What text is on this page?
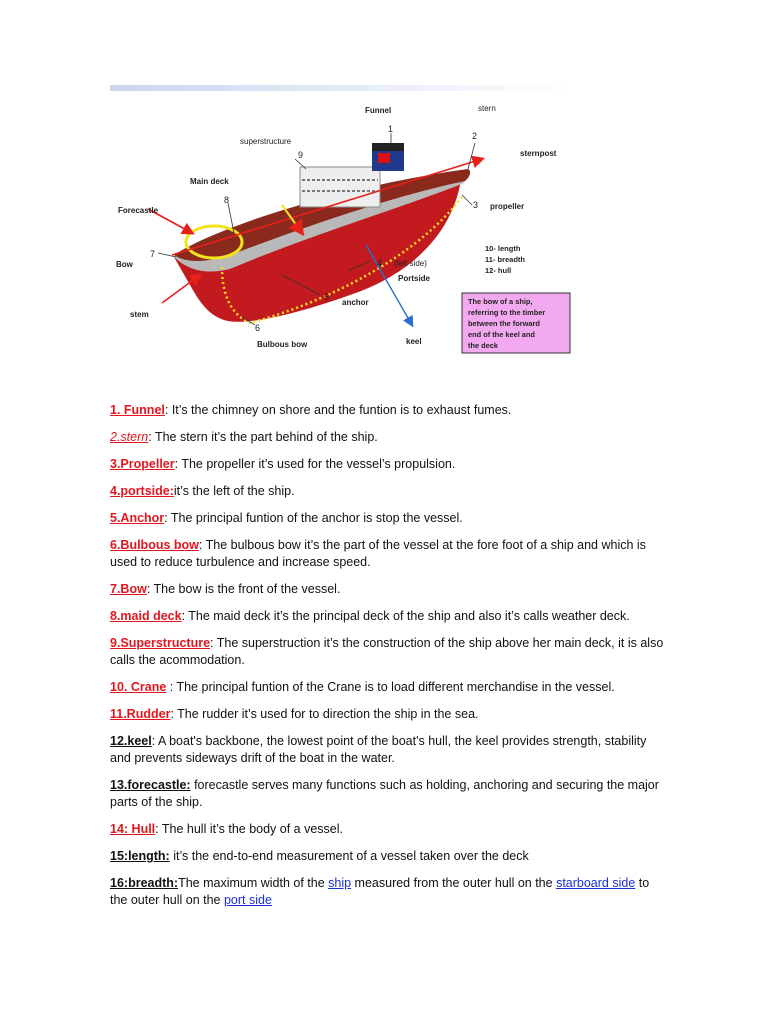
Funnel	stern
superstructure
sternpost
Main deck
Forecastle	propeller
Bow	(left side)
Portside
anchor
stem
keel
Bulbous bow
1
2
3
4
5
6
7
8
9
10- length
11- breadth
12- hull
The bow of a ship,
referring to the timber
between the forward
end of the keel and
the deck
1. Funnel: It’s the chimney on shore and the funtion is to exhaust fumes.
2.stern: The stern it’s the part behind of the ship.
3.Propeller: The propeller it’s used for the vessel’s propulsion.
4.portside:it’s the left of the ship.
5.Anchor: The principal funtion of the anchor is stop the vessel.
6.Bulbous bow: The bulbous bow it’s the part of the vessel at the fore foot of a ship and which is used to reduce turbulence and increase speed.
7.Bow: The bow is the front of the vessel.
8.maid deck: The maid deck it’s the principal deck of the ship and also it’s calls weather deck.
9.Superstructure: The superstruction it’s the construction of the ship above her main deck, it is also calls the acommodation.
10. Crane : The principal funtion of the Crane is to load different merchandise in the vessel.
11.Rudder: The rudder it’s used for to direction the ship in the sea.
12.keel: A boat's backbone, the lowest point of the boat's hull, the keel provides strength, stability and prevents sideways drift of the boat in the water.
13.forecastle: forecastle serves many functions such as holding, anchoring and securing the major parts of the ship.
14: Hull: The hull it’s the body of a vessel.
15:length: it’s the end-to-end measurement of a vessel taken over the deck
16:breadth:The maximum width of the ship measured from the outer hull on the starboard side to the outer hull on the port side
